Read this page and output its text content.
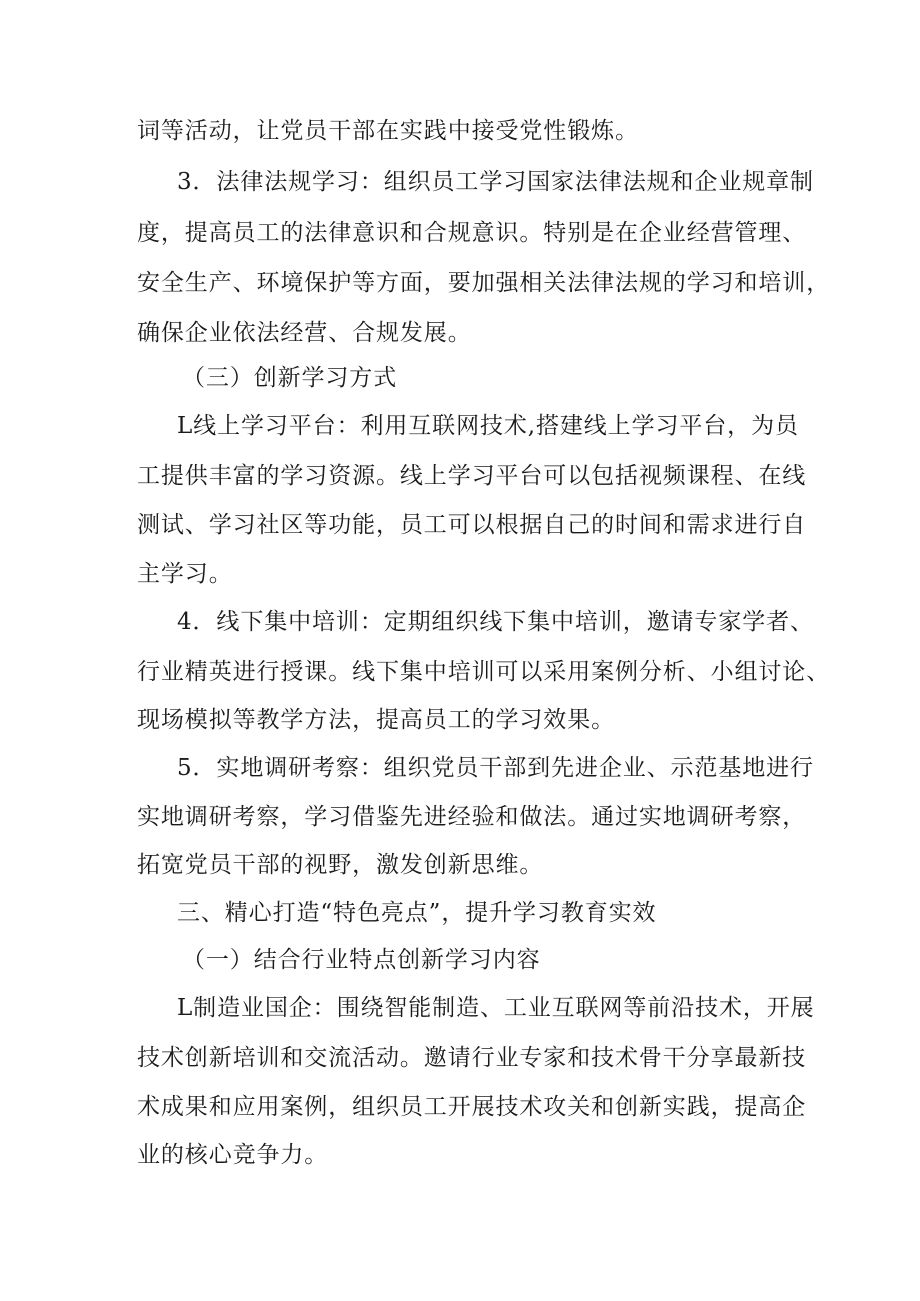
词等活动，让党员干部在实践中接受党性锻炼。
3．法律法规学习：组织员工学习国家法律法规和企业规章制
度，提高员工的法律意识和合规意识。特别是在企业经营管理、
安全生产、环境保护等方面，要加强相关法律法规的学习和培训，
确保企业依法经营、合规发展。
（三）创新学习方式
L线上学习平台：利用互联网技术,搭建线上学习平台，为员
工提供丰富的学习资源。线上学习平台可以包括视频课程、在线
测试、学习社区等功能，员工可以根据自己的时间和需求进行自
主学习。
4．线下集中培训：定期组织线下集中培训，邀请专家学者、
行业精英进行授课。线下集中培训可以采用案例分析、小组讨论、
现场模拟等教学方法，提高员工的学习效果。
5．实地调研考察：组织党员干部到先进企业、示范基地进行
实地调研考察，学习借鉴先进经验和做法。通过实地调研考察，
拓宽党员干部的视野，激发创新思维。
三、精心打造“特色亮点”，提升学习教育实效
（一）结合行业特点创新学习内容
L制造业国企：围绕智能制造、工业互联网等前沿技术，开展
技术创新培训和交流活动。邀请行业专家和技术骨干分享最新技
术成果和应用案例，组织员工开展技术攻关和创新实践，提高企
业的核心竞争力。
